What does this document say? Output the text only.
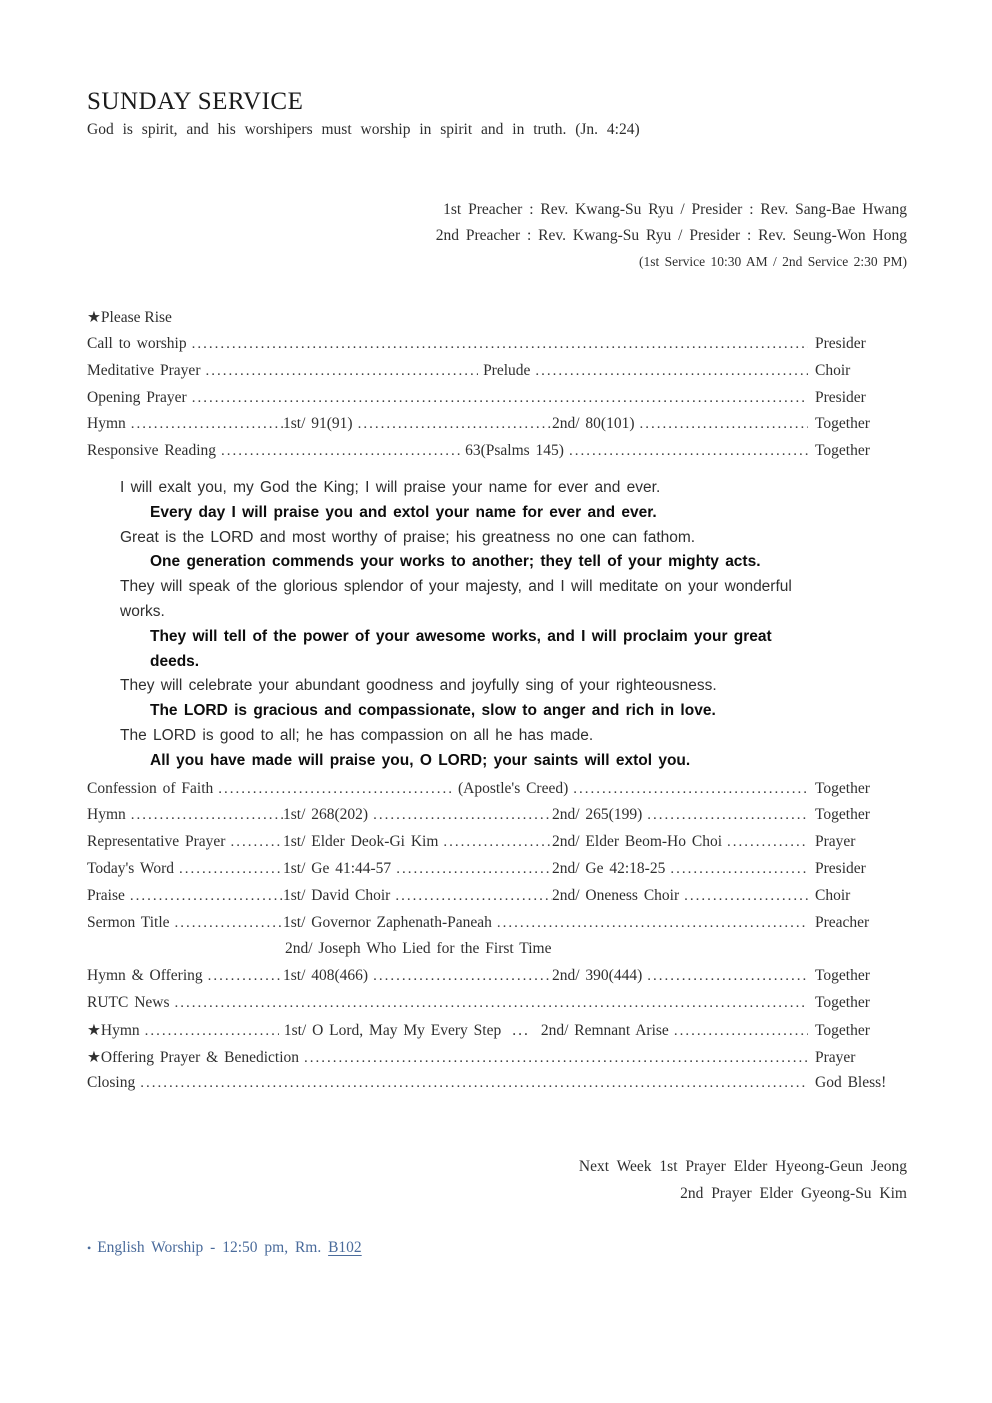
SUNDAY SERVICE
God is spirit, and his worshipers must worship in spirit and in truth. (Jn. 4:24)
1st Preacher : Rev. Kwang-Su Ryu / Presider : Rev. Sang-Bae Hwang
2nd Preacher : Rev. Kwang-Su Ryu / Presider : Rev. Seung-Won Hong
(1st Service 10:30 AM / 2nd Service 2:30 PM)
★Please Rise
Call to worship .....	Presider
Meditative Prayer .....	Prelude .....	Choir
Opening Prayer .....	Presider
Hymn .....	1st/ 91(91) .....	2nd/ 80(101) .....	Together
Responsive Reading .....	63(Psalms 145) .....	Together

I will exalt you, my God the King; I will praise your name for ever and ever.

Every day I will praise you and extol your name for ever and ever.

Great is the LORD and most worthy of praise; his greatness no one can fathom.

One generation commends your works to another; they tell of your mighty acts.

They will speak of the glorious splendor of your majesty, and I will meditate on your wonderful works.

They will tell of the power of your awesome works, and I will proclaim your great deeds.

They will celebrate your abundant goodness and joyfully sing of your righteousness.

The LORD is gracious and compassionate, slow to anger and rich in love.

The LORD is good to all; he has compassion on all he has made.

All you have made will praise you, O LORD; your saints will extol you.

Confession of Faith .....	(Apostle's Creed) .....	Together
Hymn .....	1st/ 268(202) .....	2nd/ 265(199) .....	Together
Representative Prayer .....	1st/ Elder Deok-Gi Kim .....	2nd/ Elder Beom-Ho Choi .....	Prayer
Today's Word .....	1st/ Ge 41:44-57 .....	2nd/ Ge 42:18-25 .....	Presider
Praise .....	1st/ David Choir .....	2nd/ Oneness Choir .....	Choir
Sermon Title .....	1st/ Governor Zaphenath-Paneah .....	Preacher
2nd/ Joseph Who Lied for the First Time
Hymn & Offering .....	1st/ 408(466) .....	2nd/ 390(444) .....	Together
RUTC News .....	Together
★Hymn .....	1st/ O Lord, May My Every Step ... 2nd/ Remnant Arise .....	Together
★Offering Prayer & Benediction .....	Prayer
Closing .....	God Bless!
Next Week 1st Prayer Elder Hyeong-Geun Jeong
2nd Prayer Elder Gyeong-Su Kim
• English Worship - 12:50 pm, Rm. B102
